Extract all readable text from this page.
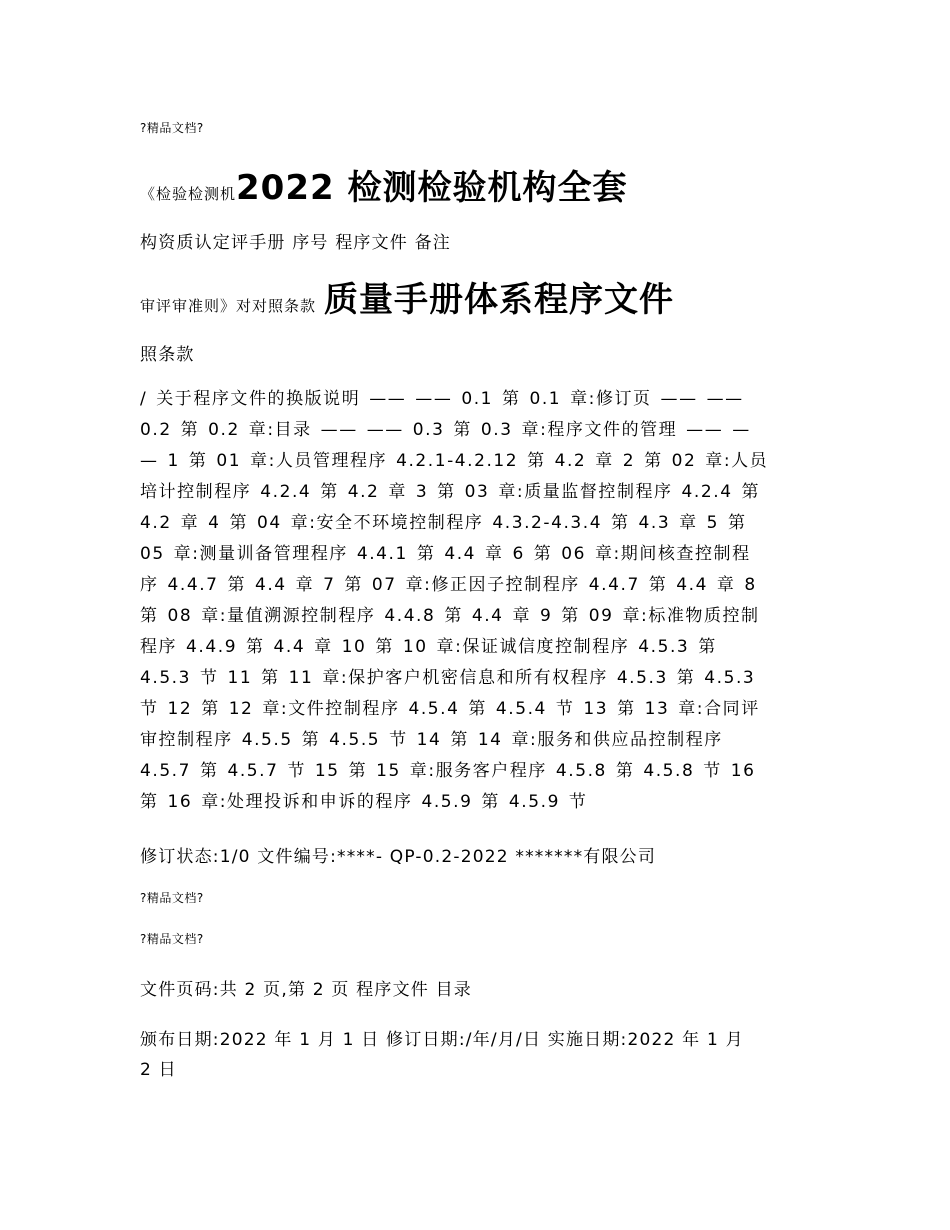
?精品文档?
《检验检测机2022 检测检验机构全套
构资质认定评手册 序号 程序文件 备注
审评审准则》对对照条款 质量手册体系程序文件
照条款
/ 关于程序文件的换版说明 —— —— 0.1 第 0.1 章:修订页 —— ——
0.2 第 0.2 章:目录 —— —— 0.3 第 0.3 章:程序文件的管理 —— —
— 1 第 01 章:人员管理程序 4.2.1-4.2.12 第 4.2 章 2 第 02 章:人员
培计控制程序 4.2.4 第 4.2 章 3 第 03 章:质量监督控制程序 4.2.4 第
4.2 章 4 第 04 章:安全不环境控制程序 4.3.2-4.3.4 第 4.3 章 5 第
05 章:测量训备管理程序 4.4.1 第 4.4 章 6 第 06 章:期间核查控制程
序 4.4.7 第 4.4 章 7 第 07 章:修正因子控制程序 4.4.7 第 4.4 章 8
第 08 章:量值溯源控制程序 4.4.8 第 4.4 章 9 第 09 章:标准物质控制
程序 4.4.9 第 4.4 章 10 第 10 章:保证诚信度控制程序 4.5.3 第
4.5.3 节 11 第 11 章:保护客户机密信息和所有权程序 4.5.3 第 4.5.3
节 12 第 12 章:文件控制程序 4.5.4 第 4.5.4 节 13 第 13 章:合同评
审控制程序 4.5.5 第 4.5.5 节 14 第 14 章:服务和供应品控制程序
4.5.7 第 4.5.7 节 15 第 15 章:服务客户程序 4.5.8 第 4.5.8 节 16
第 16 章:处理投诉和申诉的程序 4.5.9 第 4.5.9 节
修订状态:1/0 文件编号:****- QP-0.2-2022 *******有限公司
?精品文档?
?精品文档?
文件页码:共 2 页,第 2 页 程序文件 目录
颁布日期:2022 年 1 月 1 日 修订日期:/年/月/日 实施日期:2022 年 1 月
2 日
